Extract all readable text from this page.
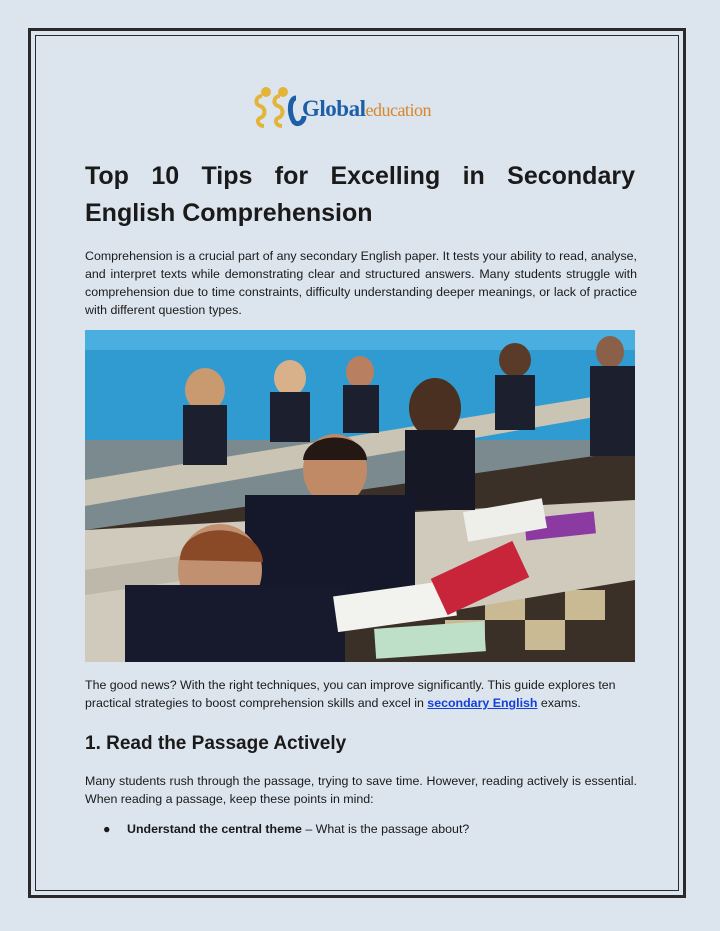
Globaleducation
Top 10 Tips for Excelling in Secondary English Comprehension

Comprehension is a crucial part of any secondary English paper. It tests your ability to read, analyse, and interpret texts while demonstrating clear and structured answers. Many students struggle with comprehension due to time constraints, difficulty understanding deeper meanings, or lack of practice with different question types.

The good news? With the right techniques, you can improve significantly. This guide explores ten practical strategies to boost comprehension skills and excel in secondary English exams.

1. Read the Passage Actively

Many students rush through the passage, trying to save time. However, reading actively is essential. When reading a passage, keep these points in mind:

● Understand the central theme – What is the passage about?
